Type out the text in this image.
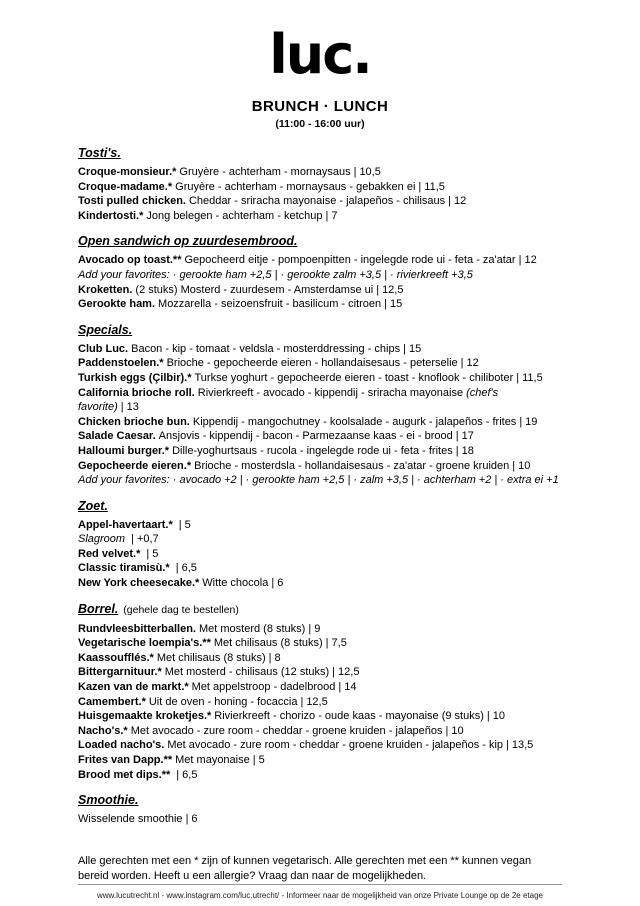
luc.
BRUNCH · LUNCH
(11:00 - 16:00 uur)
Tosti's.
Croque-monsieur.* Gruyère - achterham - mornaysaus | 10,5
Croque-madame.* Gruyère - achterham - mornaysaus - gebakken ei | 11,5
Tosti pulled chicken. Cheddar - sriracha mayonaise - jalapeños - chilisaus | 12
Kindertosti.* Jong belegen - achterham - ketchup | 7
Open sandwich op zuurdesembrood.
Avocado op toast.** Gepocheerd eitje - pompoenpitten - ingelegde rode ui - feta - za'atar | 12
Add your favorites: · gerookte ham +2,5 | · gerookte zalm +3,5 | · rivierkreeft +3,5
Kroketten. (2 stuks) Mosterd - zuurdesem - Amsterdamse ui | 12,5
Gerookte ham. Mozzarella - seizoensfruit - basilicum - citroen | 15
Specials.
Club Luc. Bacon - kip - tomaat - veldsla - mosterddressing - chips | 15
Paddenstoelen.* Brioche - gepocheerde eieren - hollandaisesaus - peterselie | 12
Turkish eggs (Çilbir).* Turkse yoghurt - gepocheerde eieren - toast - knoflook - chiliboter | 11,5
California brioche roll. Rivierkreeft - avocado - kippendij - sriracha mayonaise (chef's favorite) | 13
Chicken brioche bun. Kippendij - mangochutney - koolsalade - augurk - jalapeños - frites | 19
Salade Caesar. Ansjovis - kippendij - bacon - Parmezaanse kaas - ei - brood | 17
Halloumi burger.* Dille-yoghurtsaus - rucola - ingelegde rode ui - feta - frites | 18
Gepocheerde eieren.* Brioche - mosterdsla - hollandaisesaus - za'atar - groene kruiden | 10
Add your favorites: · avocado +2 | · gerookte ham +2,5 | · zalm +3,5 | · achterham +2 | · extra ei +1
Zoet.
Appel-havertaart.* | 5
Slagroom | +0,7
Red velvet.* | 5
Classic tiramisù.* | 6,5
New York cheesecake.* Witte chocola | 6
Borrel. (gehele dag te bestellen)
Rundvleesbitterballen. Met mosterd (8 stuks) | 9
Vegetarische loempia's.** Met chilisaus (8 stuks) | 7,5
Kaassoufflés.* Met chilisaus (8 stuks) | 8
Bittergarnituur.* Met mosterd - chilisaus (12 stuks) | 12,5
Kazen van de markt.* Met appelstroop - dadelbrood | 14
Camembert.* Uit de oven - honing - focaccia | 12,5
Huisgemaakte kroketjes.* Rivierkreeft - chorizo - oude kaas - mayonaise (9 stuks) | 10
Nacho's.* Met avocado - zure room - cheddar - groene kruiden - jalapeños | 10
Loaded nacho's. Met avocado - zure room - cheddar - groene kruiden - jalapeños - kip | 13,5
Frites van Dapp.** Met mayonaise | 5
Brood met dips.** | 6,5
Smoothie.
Wisselende smoothie | 6

Alle gerechten met een * zijn of kunnen vegetarisch. Alle gerechten met een ** kunnen vegan bereid worden. Heeft u een allergie? Vraag dan naar de mogelijkheden.

www.lucutrecht.nl - www.instagram.com/luc.utrecht/ - Informeer naar de mogelijkheid van onze Private Lounge op de 2e etage
